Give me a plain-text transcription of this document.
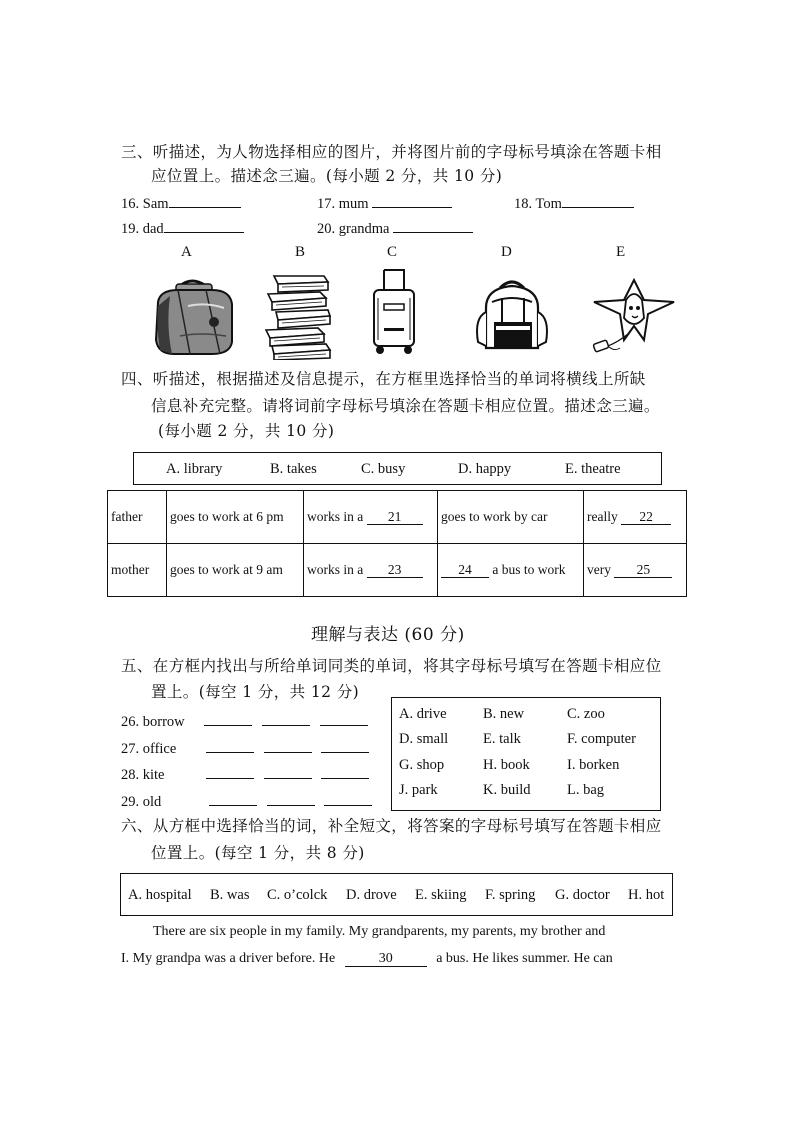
三、听描述，为人物选择相应的图片，并将图片前的字母标号填涂在答题卡相
应位置上。描述念三遍。(每小题 2 分，共 10 分)
16. Sam	17. mum	18. Tom
19. dad	20. grandma
A	B	C	D	E
四、听描述，根据描述及信息提示，在方框里选择恰当的单词将横线上所缺
信息补充完整。请将词前字母标号填涂在答题卡相应位置。描述念三遍。
(每小题 2 分，共 10 分)
A. library	B. takes	C. busy	D. happy	E. theatre
father	goes to work at 6 pm	works in a 21	goes to work by car	really 22
mother	goes to work at 9 am	works in a 23	24 a bus to work	very 25
理解与表达 (60 分)
五、在方框内找出与所给单词同类的单词，将其字母标号填写在答题卡相应位
置上。(每空 1 分，共 12 分)
26. borrow
27. office
28. kite
29. old
A. drive	B. new	C. zoo
D. small E. talk	F. computer
G. shop	H. book	I. borken
J. park	K. build	L. bag
六、从方框中选择恰当的词，补全短文，将答案的字母标号填写在答题卡相应
位置上。(每空 1 分，共 8 分)
A. hospital B. was C. o’colck D. drove E. skiing F. spring G. doctor H. hot
There are six people in my family. My grandparents, my parents, my brother and
I. My grandpa was a driver before. He	30	a bus. He likes summer. He can
